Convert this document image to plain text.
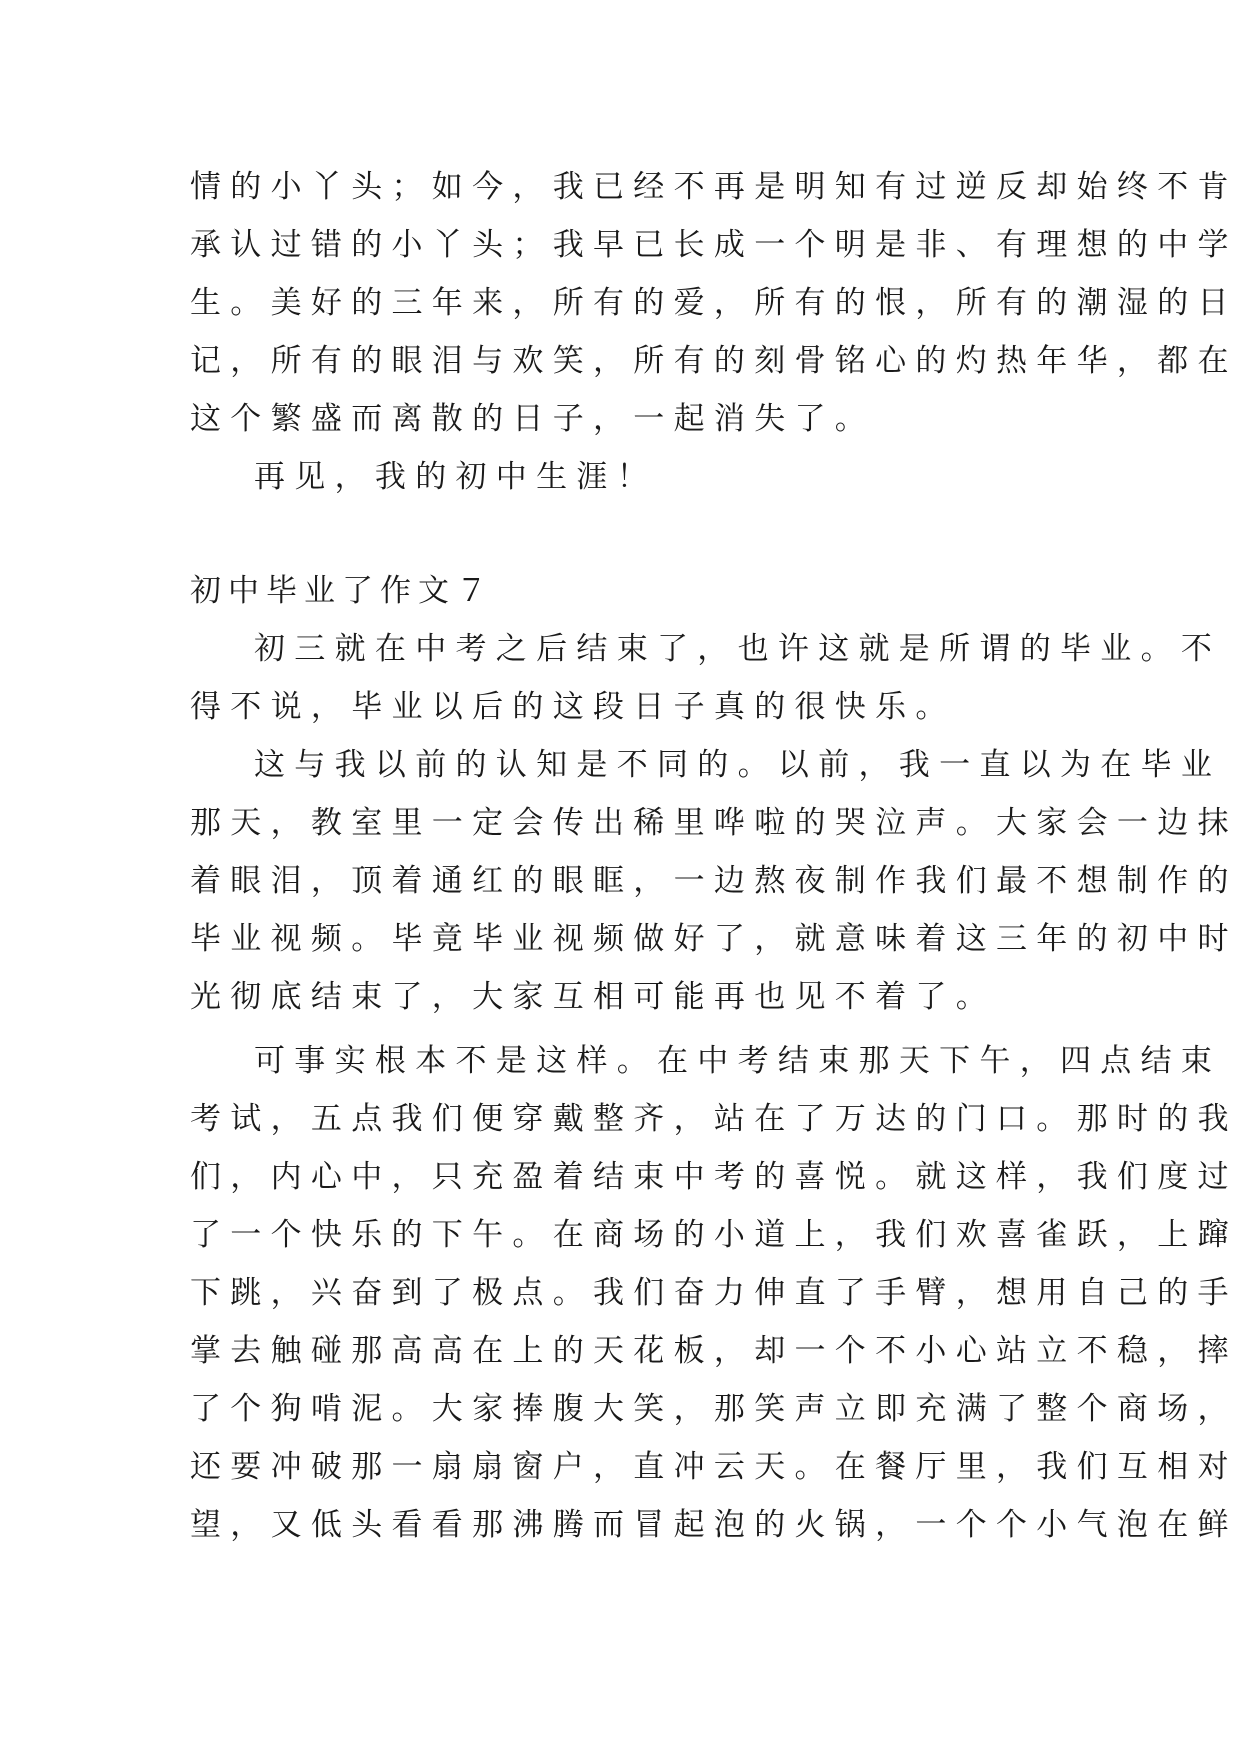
情的小丫头；如今，我已经不再是明知有过逆反却始终不肯
承认过错的小丫头；我早已长成一个明是非、有理想的中学
生。美好的三年来，所有的爱，所有的恨，所有的潮湿的日
记，所有的眼泪与欢笑，所有的刻骨铭心的灼热年华，都在
这个繁盛而离散的日子，一起消失了。
再见，我的初中生涯！
初中毕业了作文７
初三就在中考之后结束了，也许这就是所谓的毕业。不
得不说，毕业以后的这段日子真的很快乐。
这与我以前的认知是不同的。以前，我一直以为在毕业
那天，教室里一定会传出稀里哗啦的哭泣声。大家会一边抹
着眼泪，顶着通红的眼眶，一边熬夜制作我们最不想制作的
毕业视频。毕竟毕业视频做好了，就意味着这三年的初中时
光彻底结束了，大家互相可能再也见不着了。
可事实根本不是这样。在中考结束那天下午，四点结束
考试，五点我们便穿戴整齐，站在了万达的门口。那时的我
们，内心中，只充盈着结束中考的喜悦。就这样，我们度过
了一个快乐的下午。在商场的小道上，我们欢喜雀跃，上蹿
下跳，兴奋到了极点。我们奋力伸直了手臂，想用自己的手
掌去触碰那高高在上的天花板，却一个不小心站立不稳，摔
了个狗啃泥。大家捧腹大笑，那笑声立即充满了整个商场，
还要冲破那一扇扇窗户，直冲云天。在餐厅里，我们互相对
望，又低头看看那沸腾而冒起泡的火锅，一个个小气泡在鲜
